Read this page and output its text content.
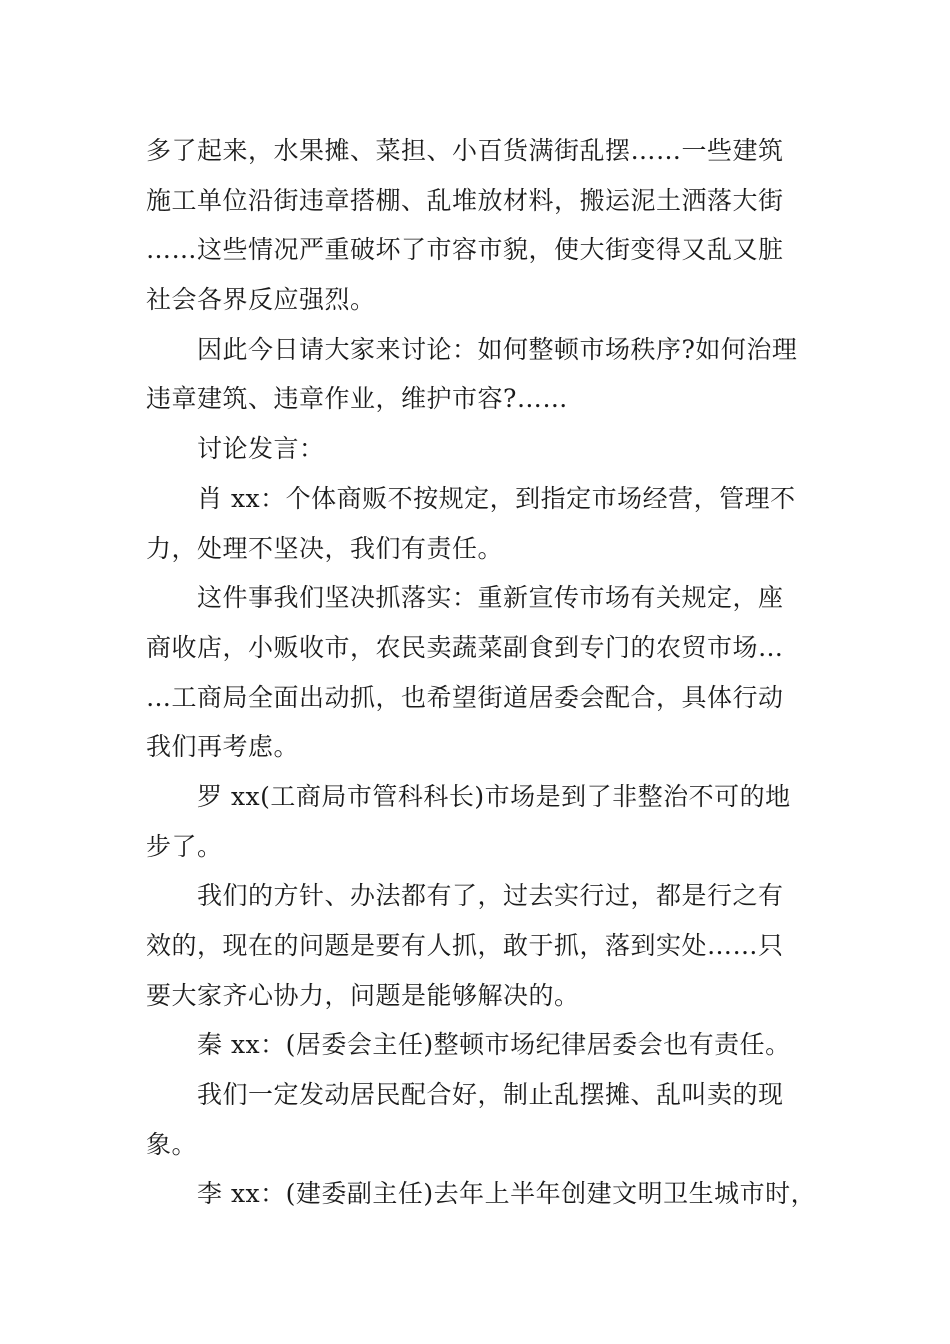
多了起来，水果摊、菜担、小百货满街乱摆……一些建筑
施工单位沿街违章搭棚、乱堆放材料，搬运泥土洒落大街
……这些情况严重破坏了市容市貌，使大街变得又乱又脏
社会各界反应强烈。
因此今日请大家来讨论：如何整顿市场秩序?如何治理
违章建筑、违章作业，维护市容?……
讨论发言：
肖 xx：个体商贩不按规定，到指定市场经营，管理不
力，处理不坚决，我们有责任。
这件事我们坚决抓落实：重新宣传市场有关规定，座
商收店，小贩收市，农民卖蔬菜副食到专门的农贸市场…
…工商局全面出动抓，也希望街道居委会配合，具体行动
我们再考虑。
罗 xx(工商局市管科科长)市场是到了非整治不可的地
步了。
我们的方针、办法都有了，过去实行过，都是行之有
效的，现在的问题是要有人抓，敢于抓，落到实处……只
要大家齐心协力，问题是能够解决的。
秦 xx：(居委会主任)整顿市场纪律居委会也有责任。
我们一定发动居民配合好，制止乱摆摊、乱叫卖的现
象。
李 xx：(建委副主任)去年上半年创建文明卫生城市时，
